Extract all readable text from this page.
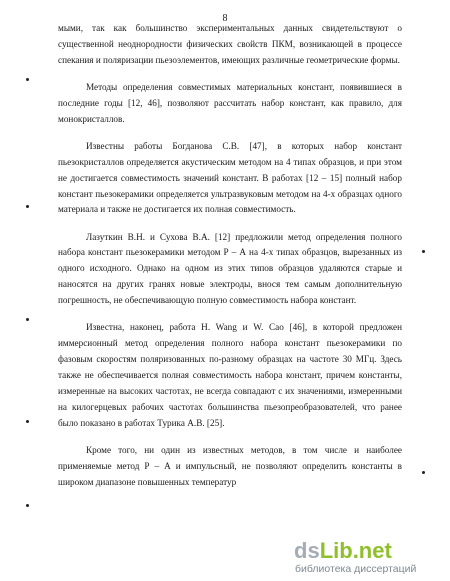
8

мыми, так как большинство экспериментальных данных свидетельствуют о существенной неоднородности физических свойств ПКМ, возникающей в процессе спекания и поляризации пьезоэлементов, имеющих различные геометрические формы.

Методы определения совместимых материальных констант, появившиеся в последние годы [12, 46], позволяют рассчитать набор констант, как правило, для монокристаллов.

Известны работы Богданова С.В. [47], в которых набор констант пьезокристаллов определяется акустическим методом на 4 типах образцов, и при этом не достигается совместимость значений констант. В работах [12 – 15] полный набор констант пьезокерамики определяется ультразвуковым методом на 4-х образцах одного материала и также не достигается их полная совместимость.

Лазуткин В.Н. и Сухова В.А. [12] предложили метод определения полного набора констант пьезокерамики методом Р – А на 4-х типах образцов, вырезанных из одного исходного. Однако на одном из этих типов образцов удаляются старые и наносятся на других гранях новые электроды, внося тем самым дополнительную погрешность, не обеспечивающую полную совместимость набора констант.

Известна, наконец, работа H. Wang и W. Cao [46], в которой предложен иммерсионный метод определения полного набора констант пьезокерамики по фазовым скоростям поляризованных по-разному образцах на частоте 30 МГц. Здесь также не обеспечивается полная совместимость набора констант, причем константы, измеренные на высоких частотах, не всегда совпадают с их значениями, измеренными на килогерцевых рабочих частотах большинства пьезопреобразователей, что ранее было показано в работах Турика А.В. [25].

Кроме того, ни один из известных методов, в том числе и наиболее применяемые метод Р – А и импульсный, не позволяют определить константы в широком диапазоне повышенных температур

dsLib.net
библиотека диссертаций
